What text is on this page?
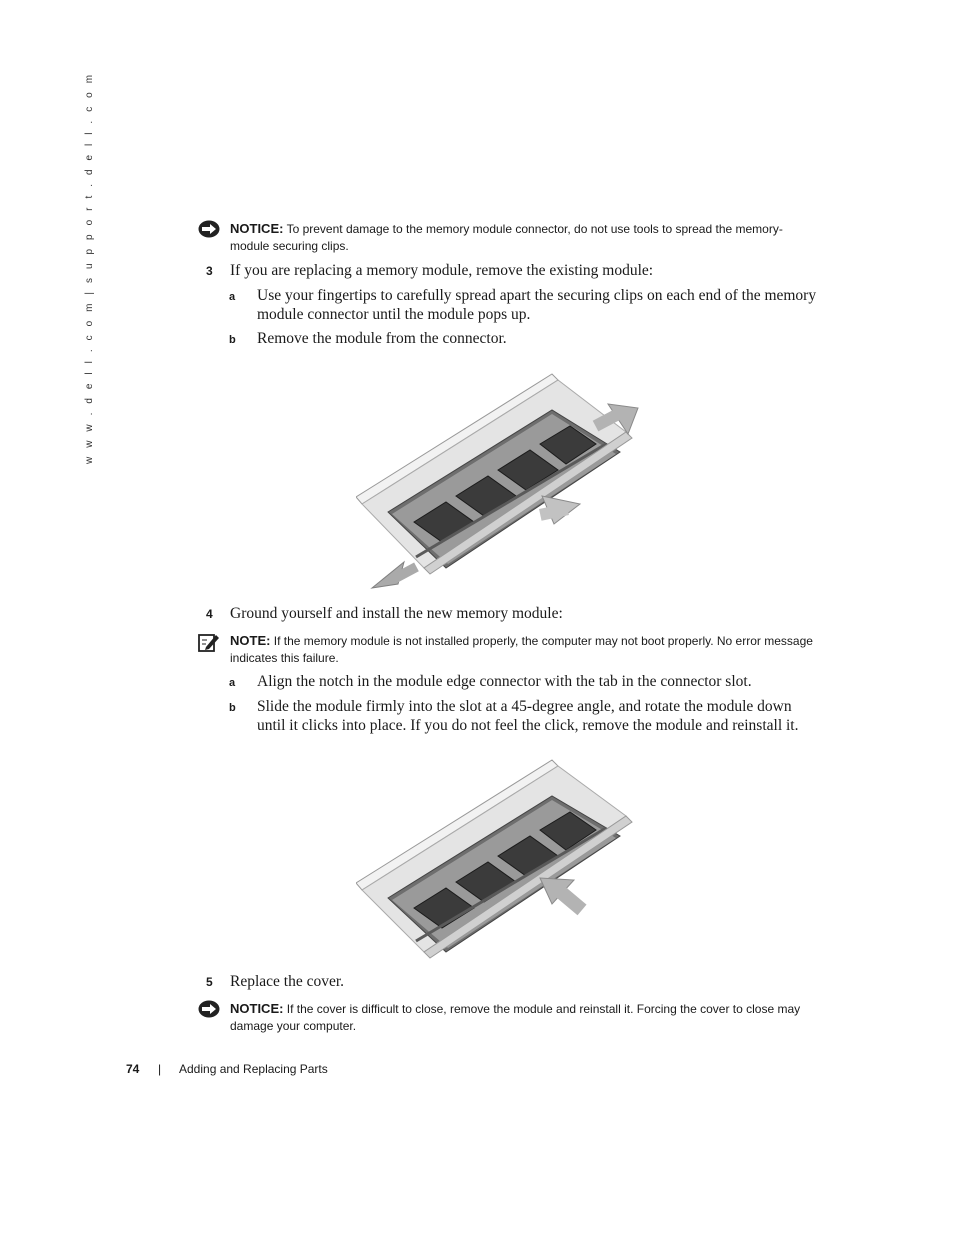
w w w . d e l l . c o m | s u p p o r t . d e l l . c o m	NOTICE: To prevent damage to the memory module connector, do not use tools to spread the memory-module securing clips.
3 If you are replacing a memory module, remove the existing module:
a Use your fingertips to carefully spread apart the securing clips on each end of the memory module connector until the module pops up.
b Remove the module from the connector.
4 Ground yourself and install the new memory module:
NOTE: If the memory module is not installed properly, the computer may not boot properly. No error message indicates this failure.
a Align the notch in the module edge connector with the tab in the connector slot.
b Slide the module firmly into the slot at a 45-degree angle, and rotate the module down until it clicks into place. If you do not feel the click, remove the module and reinstall it.
5 Replace the cover.
NOTICE: If the cover is difficult to close, remove the module and reinstall it. Forcing the cover to close may damage your computer.
74 | Adding and Replacing Parts
